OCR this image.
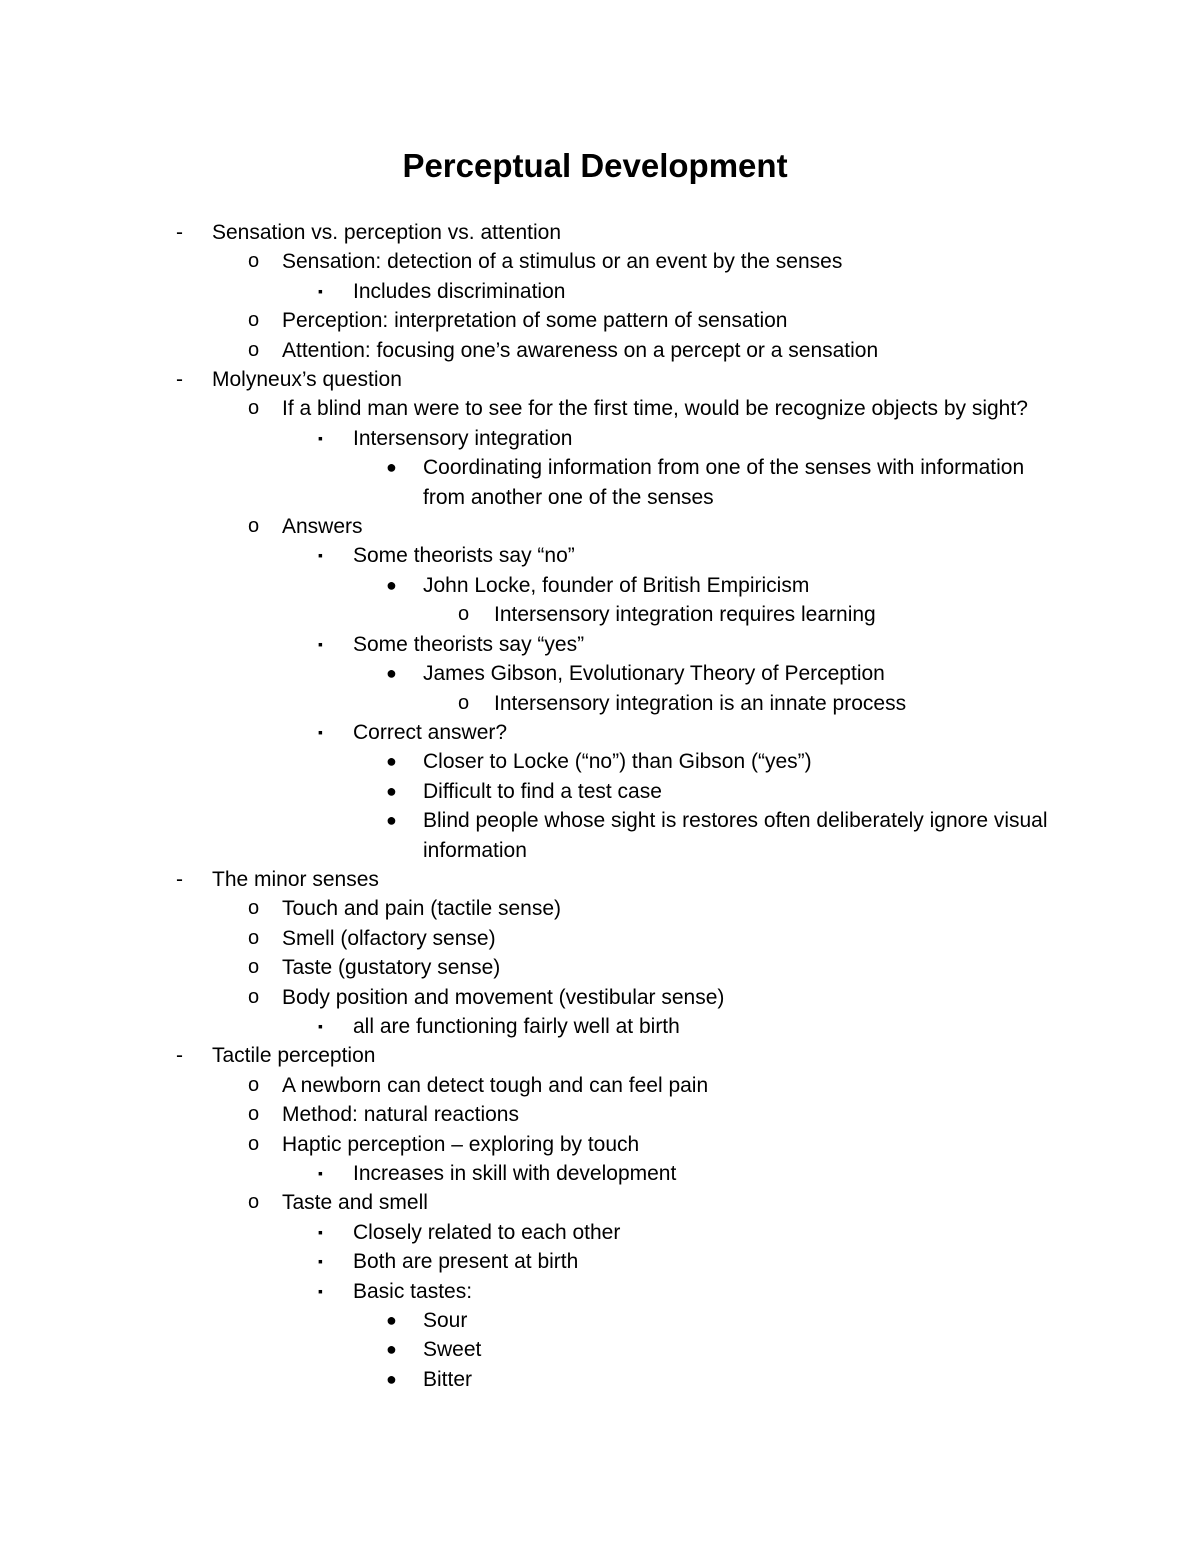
Perceptual Development
-	Sensation vs. perception vs. attention
o	Sensation: detection of a stimulus or an event by the senses
▪	Includes discrimination
o	Perception: interpretation of some pattern of sensation
o	Attention: focusing one’s awareness on a percept or a sensation
-	Molyneux’s question
o	If a blind man were to see for the first time, would be recognize objects by sight?
▪	Intersensory integration
●	Coordinating information from one of the senses with information from another one of the senses
o	Answers
▪	Some theorists say “no”
●	John Locke, founder of British Empiricism
o	Intersensory integration requires learning
▪	Some theorists say “yes”
●	James Gibson, Evolutionary Theory of Perception
o	Intersensory integration is an innate process
▪	Correct answer?
●	Closer to Locke (“no”) than Gibson (“yes”)
●	Difficult to find a test case
●	Blind people whose sight is restores often deliberately ignore visual information
-	The minor senses
o	Touch and pain (tactile sense)
o	Smell (olfactory sense)
o	Taste (gustatory sense)
o	Body position and movement (vestibular sense)
▪	all are functioning fairly well at birth
-	Tactile perception
o	A newborn can detect tough and can feel pain
o	Method: natural reactions
o	Haptic perception – exploring by touch
▪	Increases in skill with development
o	Taste and smell
▪	Closely related to each other
▪	Both are present at birth
▪	Basic tastes:
●	Sour
●	Sweet
●	Bitter
